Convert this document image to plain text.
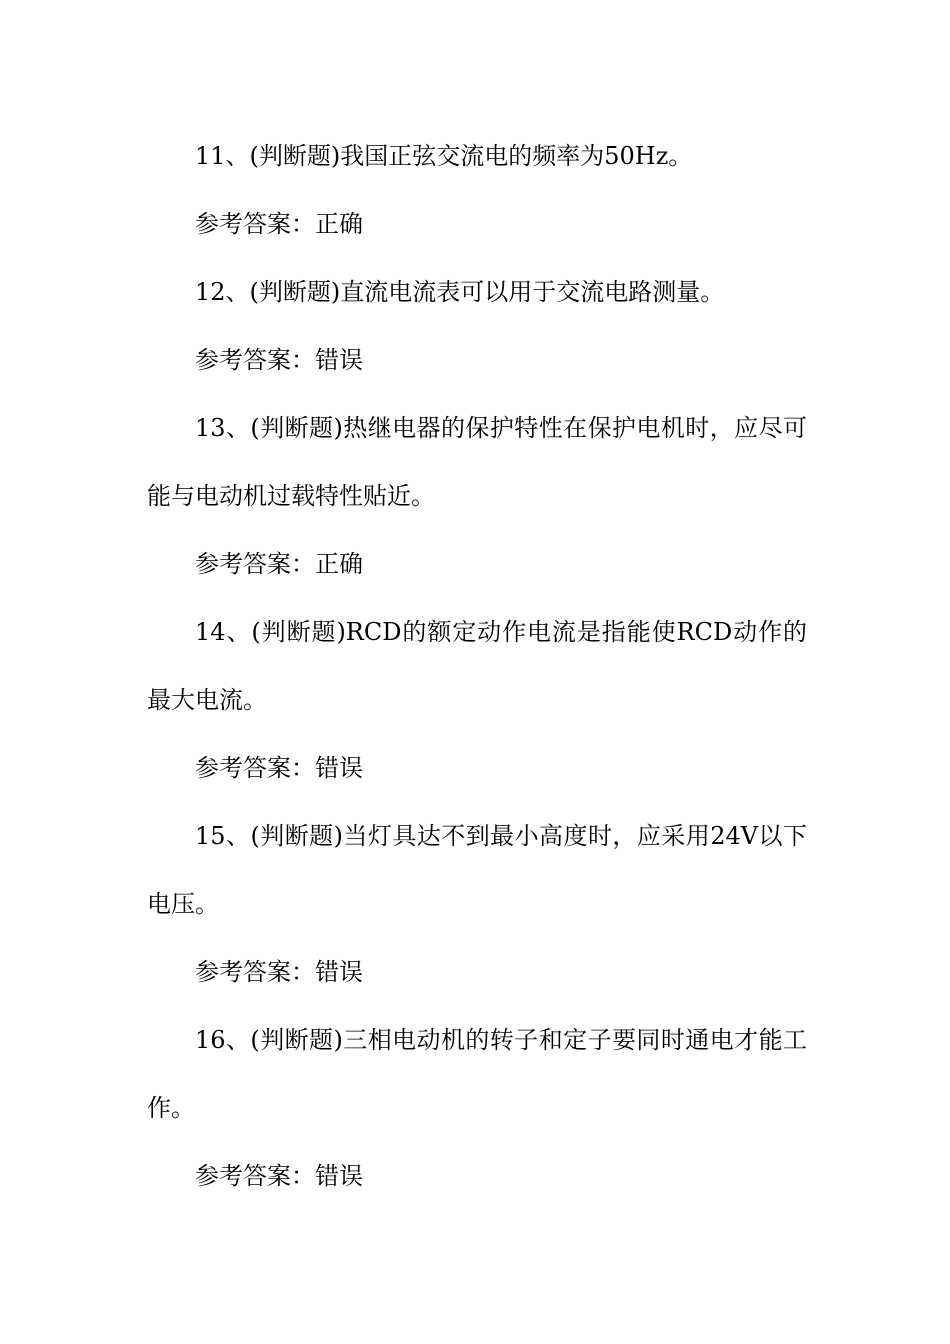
11、(判断题)我国正弦交流电的频率为50Hz。

参考答案：正确

12、(判断题)直流电流表可以用于交流电路测量。

参考答案：错误

13、(判断题)热继电器的保护特性在保护电机时，应尽可能与电动机过载特性贴近。

参考答案：正确

14、(判断题)RCD的额定动作电流是指能使RCD动作的最大电流。

参考答案：错误

15、(判断题)当灯具达不到最小高度时，应采用24V以下电压。

参考答案：错误

16、(判断题)三相电动机的转子和定子要同时通电才能工作。

参考答案：错误
